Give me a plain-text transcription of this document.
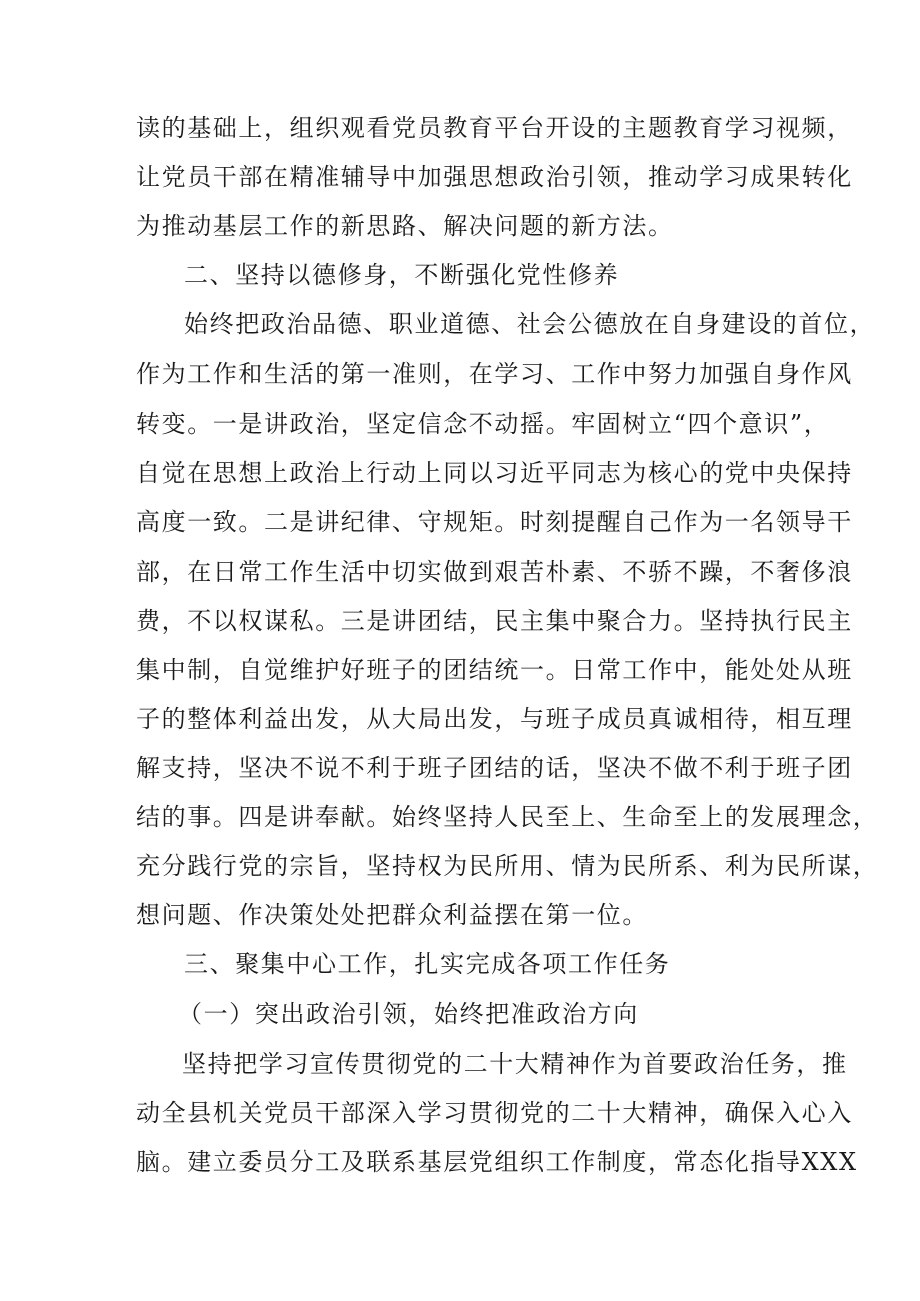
读的基础上，组织观看党员教育平台开设的主题教育学习视频，
让党员干部在精准辅导中加强思想政治引领，推动学习成果转化
为推动基层工作的新思路、解决问题的新方法。
二、坚持以德修身，不断强化党性修养
始终把政治品德、职业道德、社会公德放在自身建设的首位，
作为工作和生活的第一准则，在学习、工作中努力加强自身作风
转变。一是讲政治，坚定信念不动摇。牢固树立“四个意识”，
自觉在思想上政治上行动上同以习近平同志为核心的党中央保持
高度一致。二是讲纪律、守规矩。时刻提醒自己作为一名领导干
部，在日常工作生活中切实做到艰苦朴素、不骄不躁，不奢侈浪
费，不以权谋私。三是讲团结，民主集中聚合力。坚持执行民主
集中制，自觉维护好班子的团结统一。日常工作中，能处处从班
子的整体利益出发，从大局出发，与班子成员真诚相待，相互理
解支持，坚决不说不利于班子团结的话，坚决不做不利于班子团
结的事。四是讲奉献。始终坚持人民至上、生命至上的发展理念，
充分践行党的宗旨，坚持权为民所用、情为民所系、利为民所谋，
想问题、作决策处处把群众利益摆在第一位。
三、聚集中心工作，扎实完成各项工作任务
（一）突出政治引领，始终把准政治方向
坚持把学习宣传贯彻党的二十大精神作为首要政治任务，推
动全县机关党员干部深入学习贯彻党的二十大精神，确保入心入
脑。建立委员分工及联系基层党组织工作制度，常态化指导XXX
